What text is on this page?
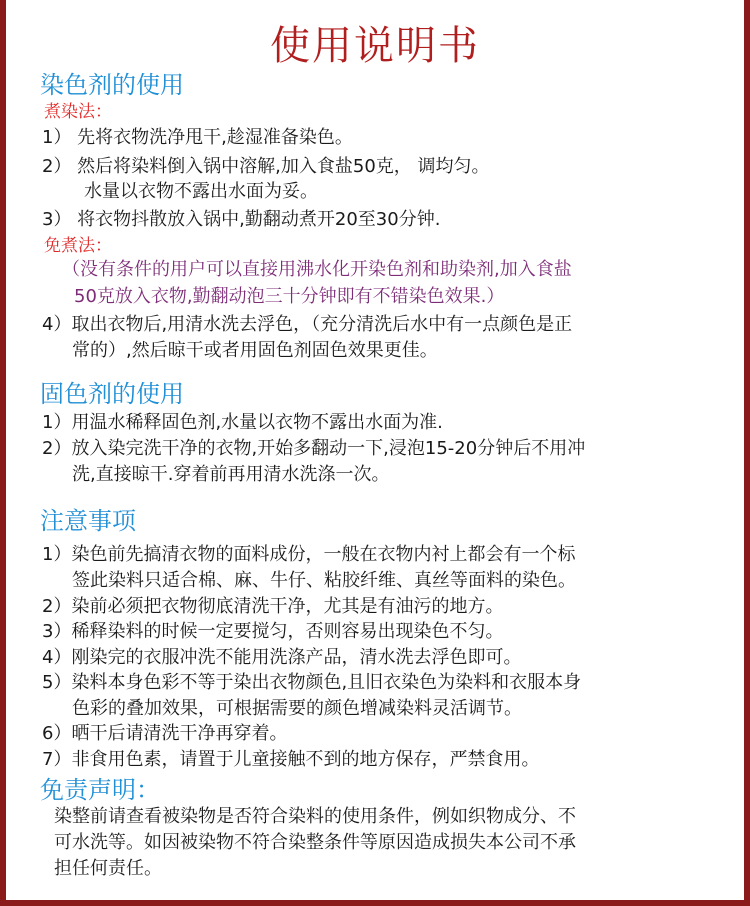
使用说明书
染色剂的使用
煮染法：
1） 先将衣物洗净甩干,趁湿准备染色。
2） 然后将染料倒入锅中溶解,加入食盐50克， 调均匀。
水量以衣物不露出水面为妥。
3） 将衣物抖散放入锅中,勤翻动煮开20至30分钟.
免煮法：
（没有条件的用户可以直接用沸水化开染色剂和助染剂,加入食盐
50克放入衣物,勤翻动泡三十分钟即有不错染色效果.）
4）取出衣物后,用清水洗去浮色，（充分清洗后水中有一点颜色是正
常的）,然后晾干或者用固色剂固色效果更佳。
固色剂的使用
1）用温水稀释固色剂,水量以衣物不露出水面为准.
2）放入染完洗干净的衣物,开始多翻动一下,浸泡15-20分钟后不用冲
洗,直接晾干.穿着前再用清水洗涤一次。
注意事项
1）染色前先搞清衣物的面料成份，一般在衣物内衬上都会有一个标
签此染料只适合棉、麻、牛仔、粘胶纤维、真丝等面料的染色。
2）染前必须把衣物彻底清洗干净，尤其是有油污的地方。
3）稀释染料的时候一定要搅匀，否则容易出现染色不匀。
4）刚染完的衣服冲洗不能用洗涤产品，清水洗去浮色即可。
5）染料本身色彩不等于染出衣物颜色,且旧衣染色为染料和衣服本身
色彩的叠加效果，可根据需要的颜色增减染料灵活调节。
6）晒干后请清洗干净再穿着。
7）非食用色素，请置于儿童接触不到的地方保存，严禁食用。
免责声明：
染整前请查看被染物是否符合染料的使用条件，例如织物成分、不
可水洗等。如因被染物不符合染整条件等原因造成损失本公司不承
担任何责任。
